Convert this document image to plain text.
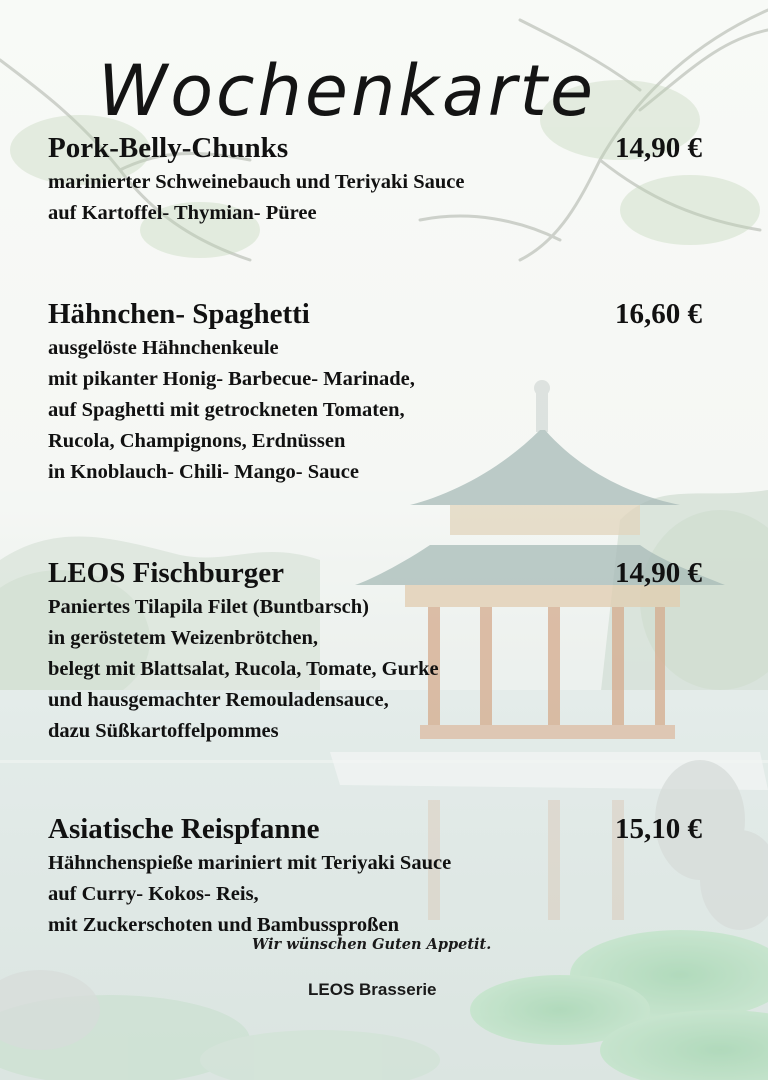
Wochenkarte
Pork-Belly-Chunks	14,90 €
marinierter Schweinebauch und Teriyaki Sauce
auf Kartoffel- Thymian- Püree
Hähnchen- Spaghetti	16,60 €
ausgelöste Hähnchenkeule
mit pikanter Honig- Barbecue- Marinade,
auf Spaghetti mit getrockneten Tomaten,
Rucola, Champignons, Erdnüssen
in Knoblauch- Chili- Mango- Sauce
LEOS Fischburger	14,90 €
Paniertes Tilapila Filet (Buntbarsch)
in geröstetem Weizenbrötchen,
belegt mit Blattsalat, Rucola, Tomate, Gurke
und hausgemachter Remouladensauce,
dazu Süßkartoffelpommes
Asiatische Reispfanne	15,10 €
Hähnchenspieße mariniert mit Teriyaki Sauce
auf Curry- Kokos- Reis,
mit Zuckerschoten und Bambussproßen
Wir wünschen Guten Appetit.
LEOS Brasserie
